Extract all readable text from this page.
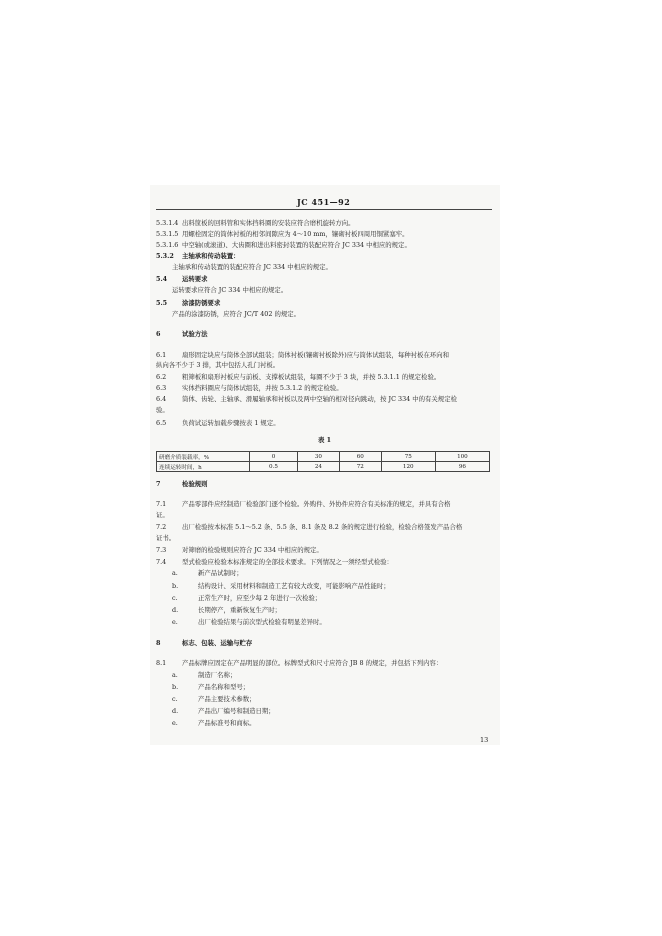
JC 451—92
5.3.1.4 出料筐板的回料管和实体挡料圈的安装应符合磨机旋转方向。
5.3.1.5 用螺栓固定的筒体衬板的相邻间隙应为 4～10 mm，镶砌衬板四周用铜紧塞牢。
5.3.1.6 中空轴(或滚道)、大齿圈和进出料密封装置的装配应符合 JC 334 中相应的规定。
5.3.2 主轴承和传动装置：
主轴承和传动装置的装配应符合 JC 334 中相应的规定。
5.4 运转要求
运转要求应符合 JC 334 中相应的规定。
5.5 涂漆防锈要求
产品的涂漆防锈，应符合 JC/T 402 的规定。
6	试验方法
6.1 扇形固定块应与筒体全部试组装；筒体衬板(镶砌衬板除外)应与筒体试组装，每种衬板在环向和
纵向各不少于 3 排，其中包括人孔门衬板。
6.2 粗筛板和扇形衬板应与前板、支撑板试组装，每圈不少于 3 块，并按 5.3.1.1 的规定检验。
6.3 实体挡料圈应与筒体试组装，并按 5.3.1.2 的规定检验。
6.4 筒体、齿轮、主轴承、滑履轴承和衬板以及两中空轴的相对径向跳动，按 JC 334 中的有关规定检
验。
6.5 负荷试运转加载步骤按表 1 规定。
表 1
7	检验规则
7.1 产品零部件应经制造厂检验部门逐个检验。外购件、外协件应符合有关标准的规定，并具有合格
证。
7.2 出厂检验按本标准 5.1～5.2 条、5.5 条、8.1 条及 8.2 条的规定进行检验，检验合格签发产品合格
证书。
7.3 对筛磨的检验规则应符合 JC 334 中相应的规定。
7.4 型式检验应检验本标准规定的全部技术要求。下列情况之一须经型式检验：
a.	新产品试制时；
b.	结构设计、采用材料和制造工艺有较大改变，可能影响产品性能时；
c.	正常生产时，应至少每 2 年进行一次检验；
d.	长期停产，重新恢复生产时；
e.	出厂检验结果与前次型式检验有明显差异时。
8	标志、包装、运输与贮存
8.1 产品标牌应固定在产品明显的部位。标牌型式和尺寸应符合 JB 8 的规定，并包括下列内容：
a.	制造厂名称；
b.	产品名称和型号；
c.	产品主要技术参数；
d.	产品出厂编号和制造日期；
e.	产品标准号和商标。
研磨介质装载率，%	0	30	60	75	100
连续运转时间，h	0.5	24	72	120	96
13
